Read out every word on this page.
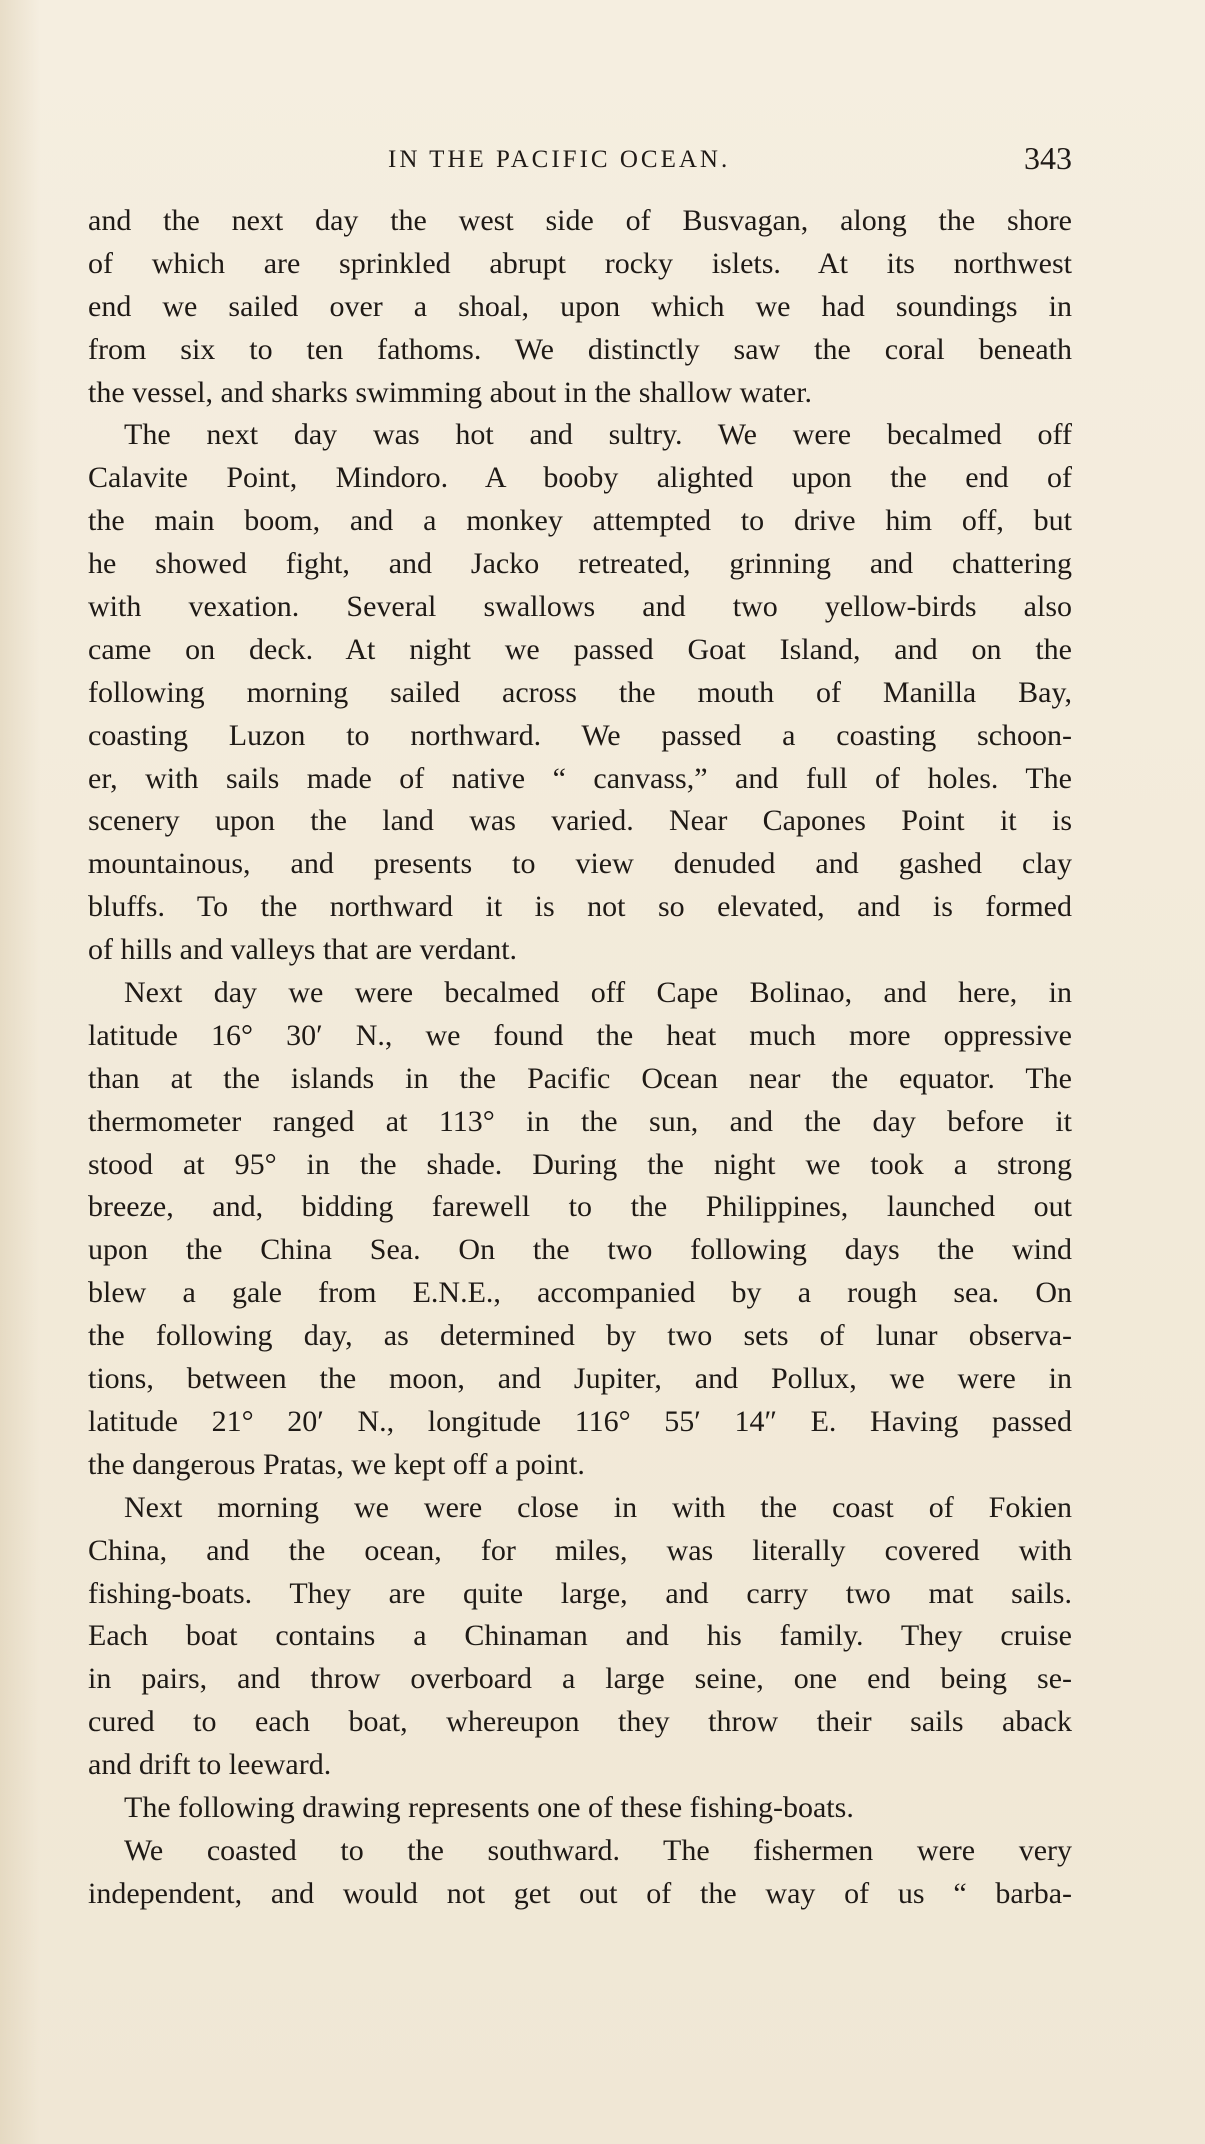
IN THE PACIFIC OCEAN.	343
and the next day the west side of Busvagan, along the shore
of which are sprinkled abrupt rocky islets. At its northwest
end we sailed over a shoal, upon which we had soundings in
from six to ten fathoms. We distinctly saw the coral beneath
the vessel, and sharks swimming about in the shallow water.
The next day was hot and sultry. We were becalmed off
Calavite Point, Mindoro. A booby alighted upon the end of
the main boom, and a monkey attempted to drive him off, but
he showed fight, and Jacko retreated, grinning and chattering
with vexation. Several swallows and two yellow-birds also
came on deck. At night we passed Goat Island, and on the
following morning sailed across the mouth of Manilla Bay,
coasting Luzon to northward. We passed a coasting schoon-
er, with sails made of native “ canvass,” and full of holes. The
scenery upon the land was varied. Near Capones Point it is
mountainous, and presents to view denuded and gashed clay
bluffs. To the northward it is not so elevated, and is formed
of hills and valleys that are verdant.
Next day we were becalmed off Cape Bolinao, and here, in
latitude 16° 30′ N., we found the heat much more oppressive
than at the islands in the Pacific Ocean near the equator. The
thermometer ranged at 113° in the sun, and the day before it
stood at 95° in the shade. During the night we took a strong
breeze, and, bidding farewell to the Philippines, launched out
upon the China Sea. On the two following days the wind
blew a gale from E.N.E., accompanied by a rough sea. On
the following day, as determined by two sets of lunar observa-
tions, between the moon, and Jupiter, and Pollux, we were in
latitude 21° 20′ N., longitude 116° 55′ 14″ E. Having passed
the dangerous Pratas, we kept off a point.
Next morning we were close in with the coast of Fokien
China, and the ocean, for miles, was literally covered with
fishing-boats. They are quite large, and carry two mat sails.
Each boat contains a Chinaman and his family. They cruise
in pairs, and throw overboard a large seine, one end being se-
cured to each boat, whereupon they throw their sails aback
and drift to leeward.
The following drawing represents one of these fishing-boats.
We coasted to the southward. The fishermen were very
independent, and would not get out of the way of us “ barba-
